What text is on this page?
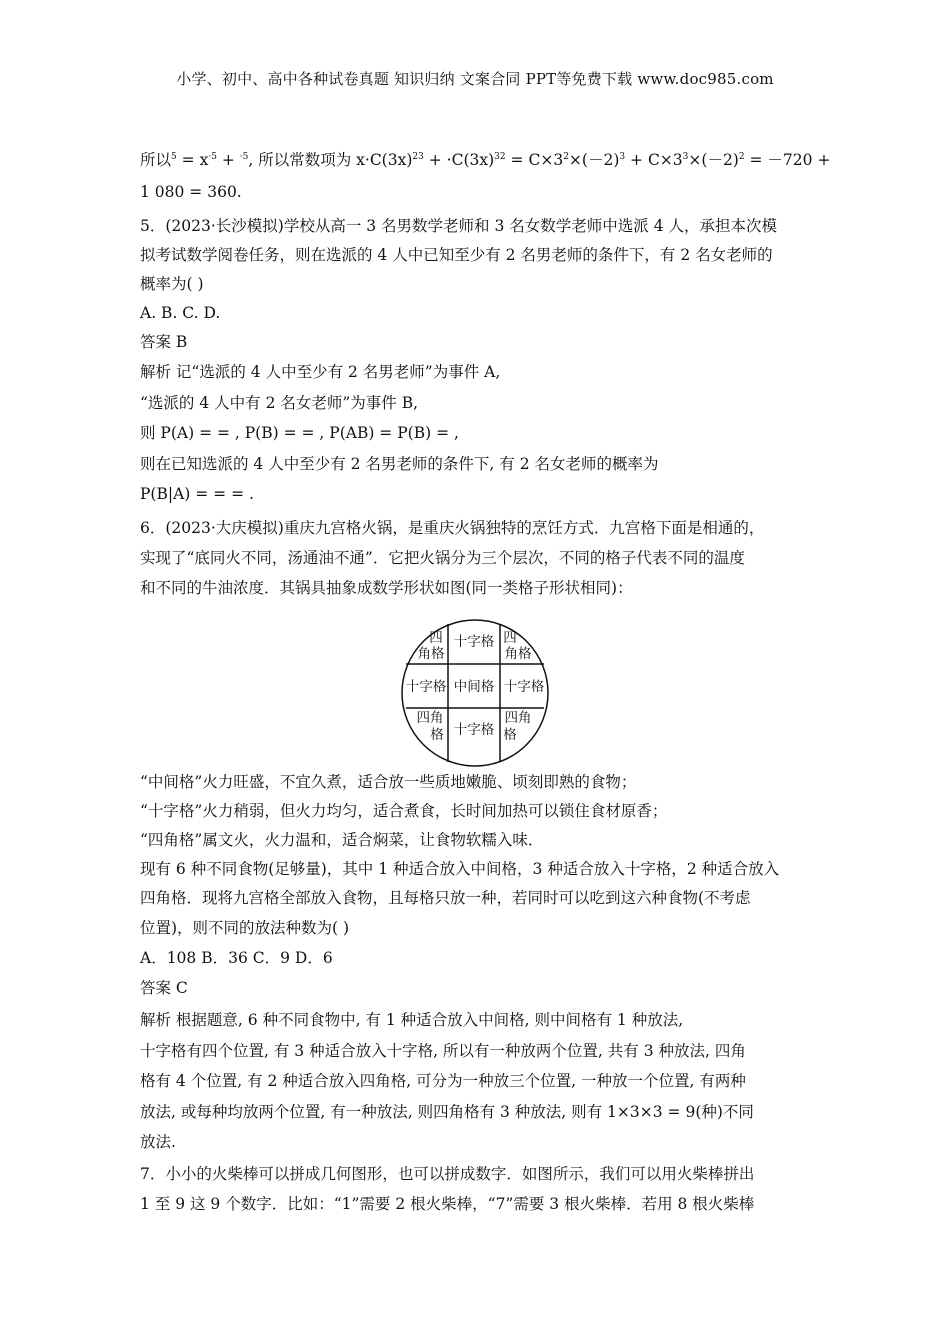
小学、初中、高中各种试卷真题 知识归纳 文案合同 PPT等免费下载 www.doc985.com
所以$^5 = x^{\cdot 5} + ^{\cdot 5}$, 所以常数项为 $x\cdot C(3x)^{23} + \cdot C(3x)^{32} = C\times 3^2\times(-2)^3 + C\times 3^3\times(-2)^2 = -720$ +
1 080 = 360.
5．(2023·长沙模拟)学校从高一 3 名男数学老师和 3 名女数学老师中选派 4 人，承担本次模
拟考试数学阅卷任务，则在选派的 4 人中已知至少有 2 名男老师的条件下，有 2 名女老师的
概率为( )
A. B. C. D.
答案 B
解析 记“选派的 4 人中至少有 2 名男老师”为事件 A,
“选派的 4 人中有 2 名女老师”为事件 B,
则 P(A) = = , P(B) = = , P(AB) = P(B) = ,
则在已知选派的 4 人中至少有 2 名男老师的条件下, 有 2 名女老师的概率为
P(B|A) = = = .
6．(2023·大庆模拟)重庆九宫格火锅，是重庆火锅独特的烹饪方式．九宫格下面是相通的，
实现了“底同火不同，汤通油不通”．它把火锅分为三个层次，不同的格子代表不同的温度
和不同的牛油浓度．其锅具抽象成数学形状如图(同一类格子形状相同)：
“中间格”火力旺盛，不宜久煮，适合放一些质地嫩脆、顷刻即熟的食物；
“十字格”火力稍弱，但火力均匀，适合煮食，长时间加热可以锁住食材原香；
“四角格”属文火，火力温和，适合焖菜，让食物软糯入味．
现有 6 种不同食物(足够量)，其中 1 种适合放入中间格，3 种适合放入十字格，2 种适合放入
四角格．现将九宫格全部放入食物，且每格只放一种，若同时可以吃到这六种食物(不考虑
位置)，则不同的放法种数为( )
A．108 B．36 C．9 D．6
答案 C
解析 根据题意, 6 种不同食物中, 有 1 种适合放入中间格, 则中间格有 1 种放法,
十字格有四个位置, 有 3 种适合放入十字格, 所以有一种放两个位置, 共有 3 种放法, 四角
格有 4 个位置, 有 2 种适合放入四角格, 可分为一种放三个位置, 一种放一个位置, 有两种
放法, 或每种均放两个位置, 有一种放法, 则四角格有 3 种放法, 则有 1×3×3 = 9(种)不同
放法.
7．小小的火柴棒可以拼成几何图形，也可以拼成数字．如图所示，我们可以用火柴棒拼出
1 至 9 这 9 个数字．比如：“1”需要 2 根火柴棒，“7”需要 3 根火柴棒．若用 8 根火柴棒
四
角格
十字格 四
角格
十字格 中间格 十字格
四角
格 十字格
四角
格
